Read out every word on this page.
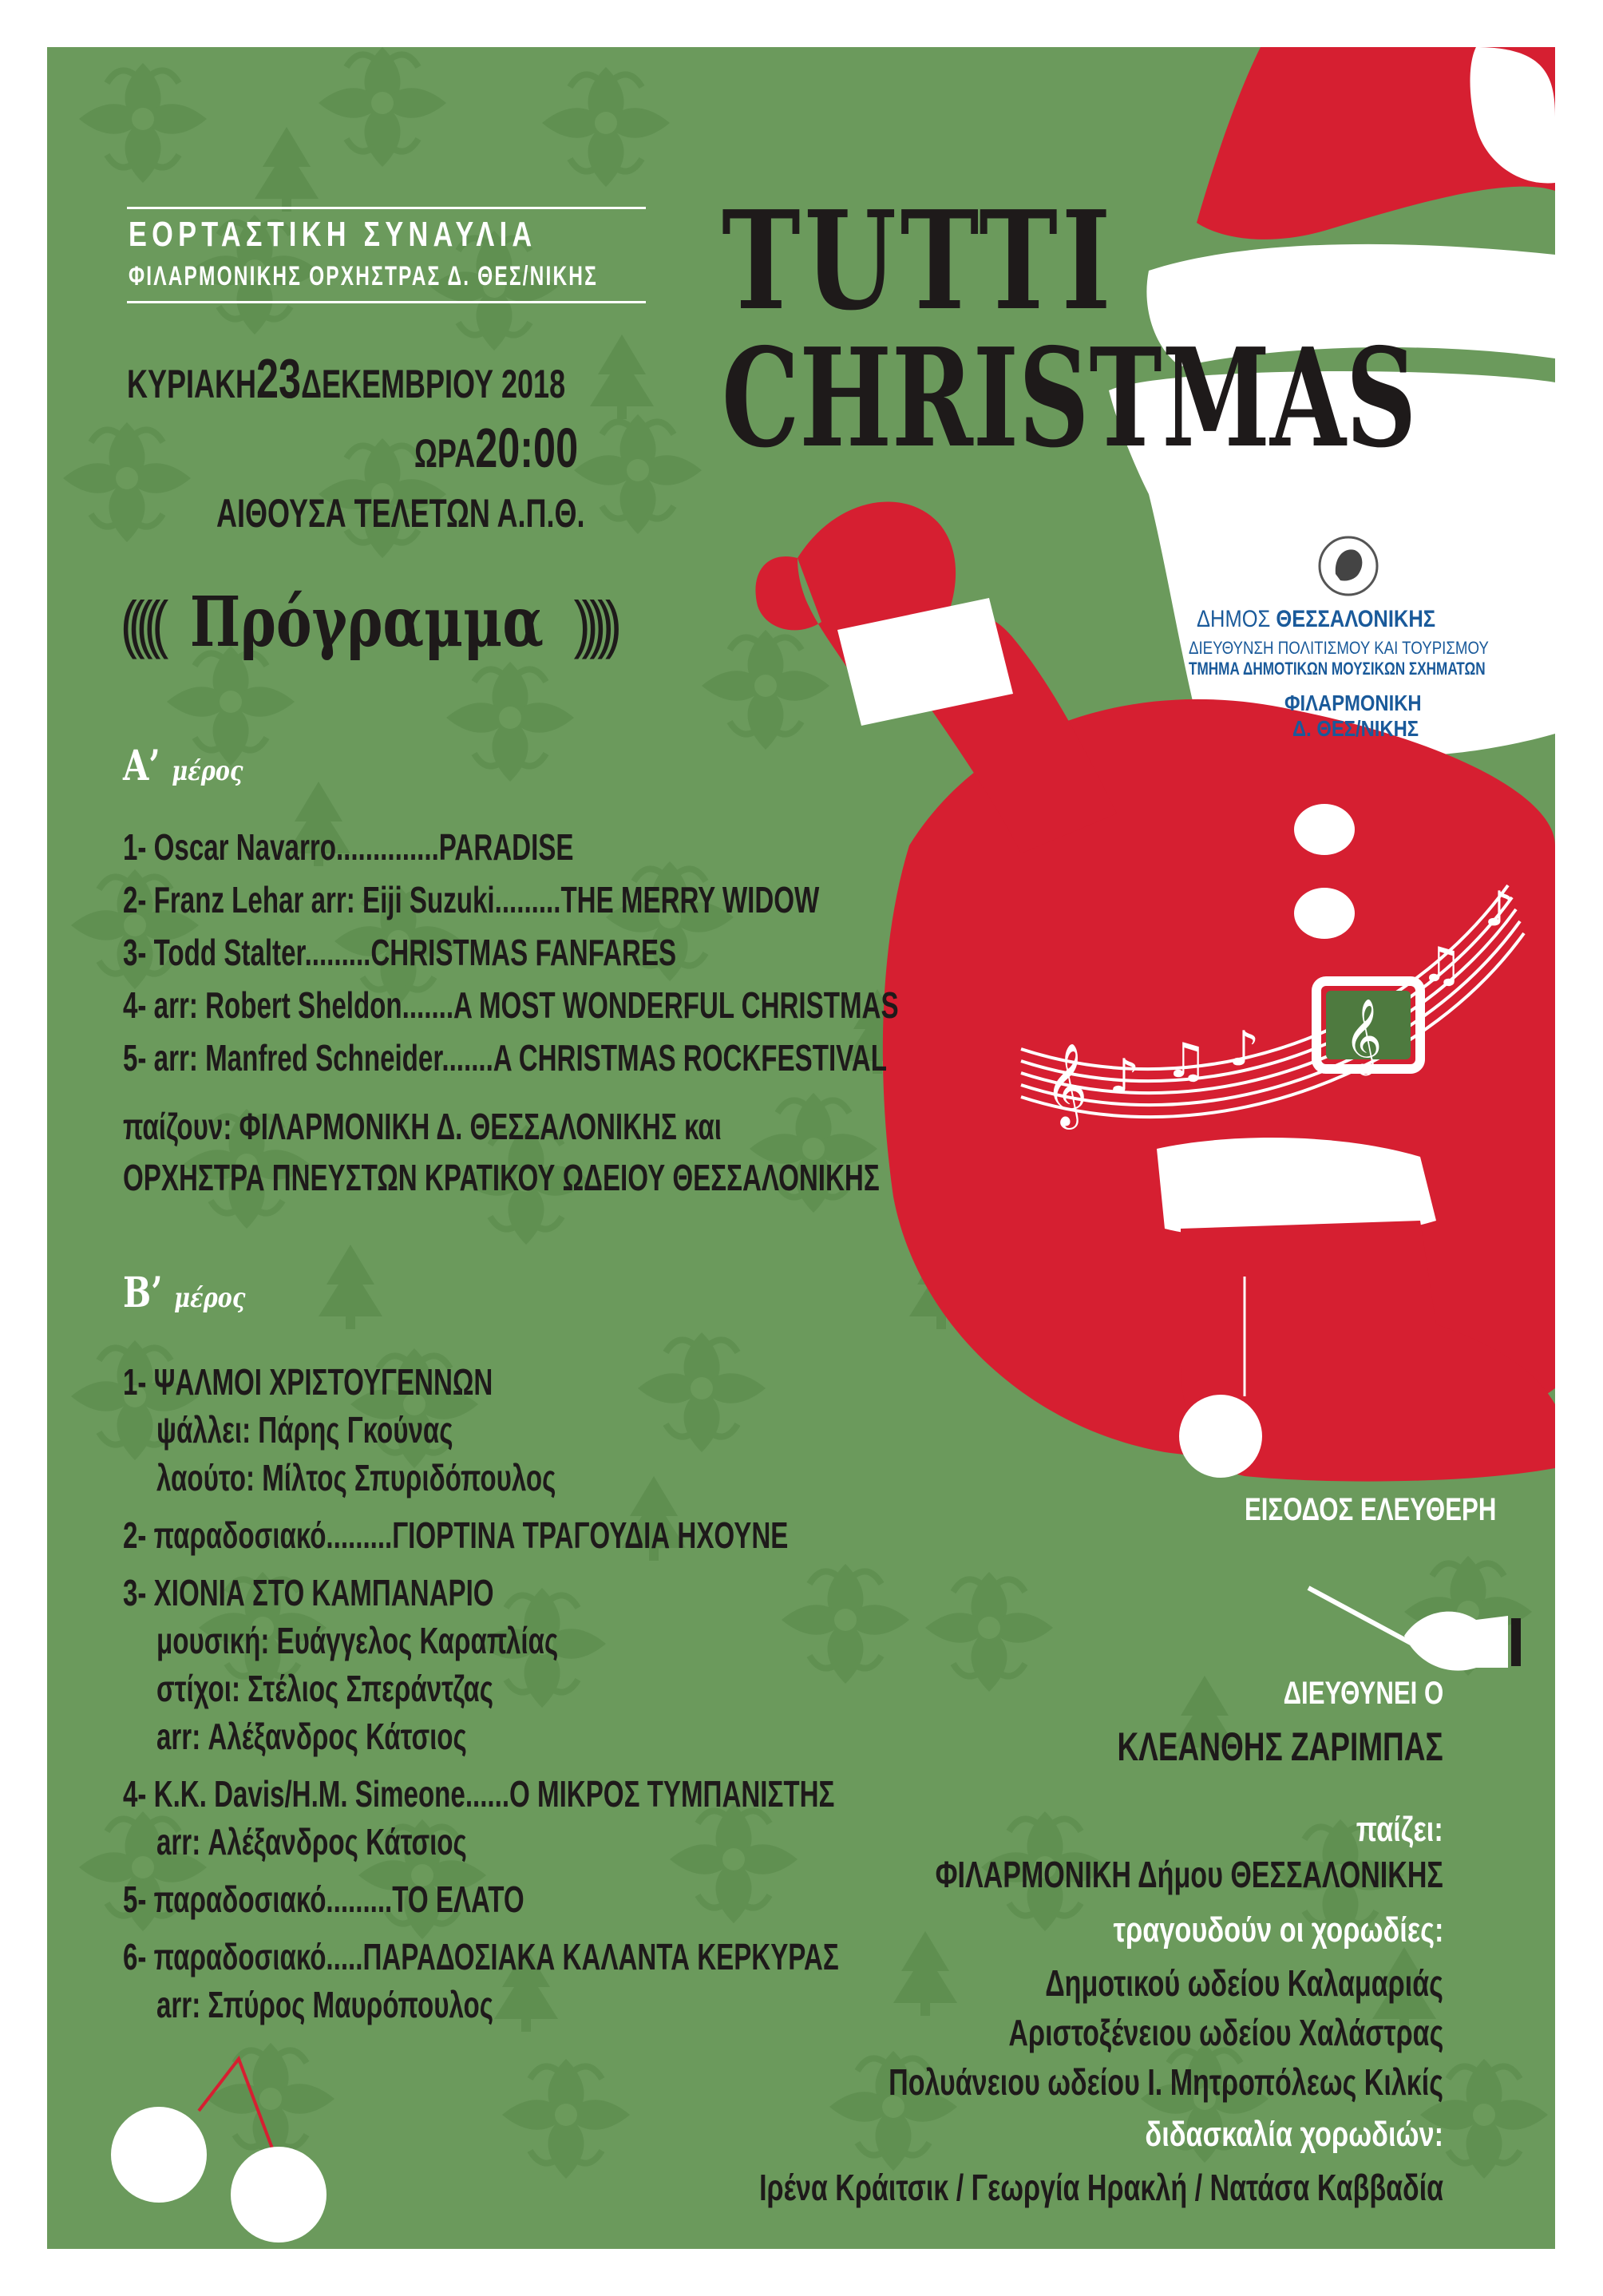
𝄞 ♪ ♫ ♪
♫
♪
𝄞
ΕΟΡΤΑΣΤΙΚΗ ΣΥΝΑΥΛΙΑ
ΦΙΛΑΡΜΟΝΙΚΗΣ ΟΡΧΗΣΤΡΑΣ Δ. ΘΕΣ/ΝΙΚΗΣ
ΚΥΡΙΑΚΗ23ΔΕΚΕΜΒΡΙΟΥ 2018
ΩΡΑ20:00
ΑΙΘΟΥΣΑ ΤΕΛΕΤΩΝ Α.Π.Θ.
TUTTI
CHRISTMAS
((((( Πρόγραμμα )))))
Α’ μέρος
1- Oscar Navarro..............PARADISE
2- Franz Lehar arr: Eiji Suzuki.........THE MERRY WIDOW
3- Todd Stalter.........CHRISTMAS FANFARES
4- arr: Robert Sheldon.......A MOST WONDERFUL CHRISTMAS
5- arr: Manfred Schneider.......A CHRISTMAS ROCKFESTIVAL
παίζουν: ΦΙΛΑΡΜΟΝΙΚΗ Δ. ΘΕΣΣΑΛΟΝΙΚΗΣ και
ΟΡΧΗΣΤΡΑ ΠΝΕΥΣΤΩΝ ΚΡΑΤΙΚΟΥ ΩΔΕΙΟΥ ΘΕΣΣΑΛΟΝΙΚΗΣ
Β’ μέρος
1- ΨΑΛΜΟΙ ΧΡΙΣΤΟΥΓΕΝΝΩΝ
ψάλλει: Πάρης Γκούνας
λαούτο: Μίλτος Σπυριδόπουλος
2- παραδοσιακό.........ΓΙΟΡΤΙΝΑ ΤΡΑΓΟΥΔΙΑ ΗΧΟΥΝΕ
3- ΧΙΟΝΙΑ ΣΤΟ ΚΑΜΠΑΝΑΡΙΟ
μουσική: Ευάγγελος Καραπλίας
στίχοι: Στέλιος Σπεράντζας
arr: Αλέξανδρος Κάτσιος
4- K.K. Davis/H.M. Simeone......Ο ΜΙΚΡΟΣ ΤΥΜΠΑΝΙΣΤΗΣ
arr: Αλέξανδρος Κάτσιος
5- παραδοσιακό.........ΤΟ ΕΛΑΤΟ
6- παραδοσιακό.....ΠΑΡΑΔΟΣΙΑΚΑ ΚΑΛΑΝΤΑ ΚΕΡΚΥΡΑΣ
arr: Σπύρος Μαυρόπουλος
ΔΗΜΟΣ ΘΕΣΣΑΛΟΝΙΚΗΣ
ΔΙΕΥΘΥΝΣΗ ΠΟΛΙΤΙΣΜΟΥ ΚΑΙ ΤΟΥΡΙΣΜΟΥ
ΤΜΗΜΑ ΔΗΜΟΤΙΚΩΝ ΜΟΥΣΙΚΩΝ ΣΧΗΜΑΤΩΝ
ΦΙΛΑΡΜΟΝΙΚΗ
Δ. ΘΕΣ/ΝΙΚΗΣ
ΕΙΣΟΔΟΣ ΕΛΕΥΘΕΡΗ
ΔΙΕΥΘΥΝΕΙ Ο
ΚΛΕΑΝΘΗΣ ΖΑΡΙΜΠΑΣ
παίζει:
ΦΙΛΑΡΜΟΝΙΚΗ Δήμου ΘΕΣΣΑΛΟΝΙΚΗΣ
τραγουδούν οι χορωδίες:
Δημοτικού ωδείου Καλαμαριάς
Αριστοξένειου ωδείου Χαλάστρας
Πολυάνειου ωδείου Ι. Μητροπόλεως Κιλκίς
διδασκαλία χορωδιών:
Ιρένα Κράιτσικ / Γεωργία Ηρακλή / Νατάσα Καββαδία
